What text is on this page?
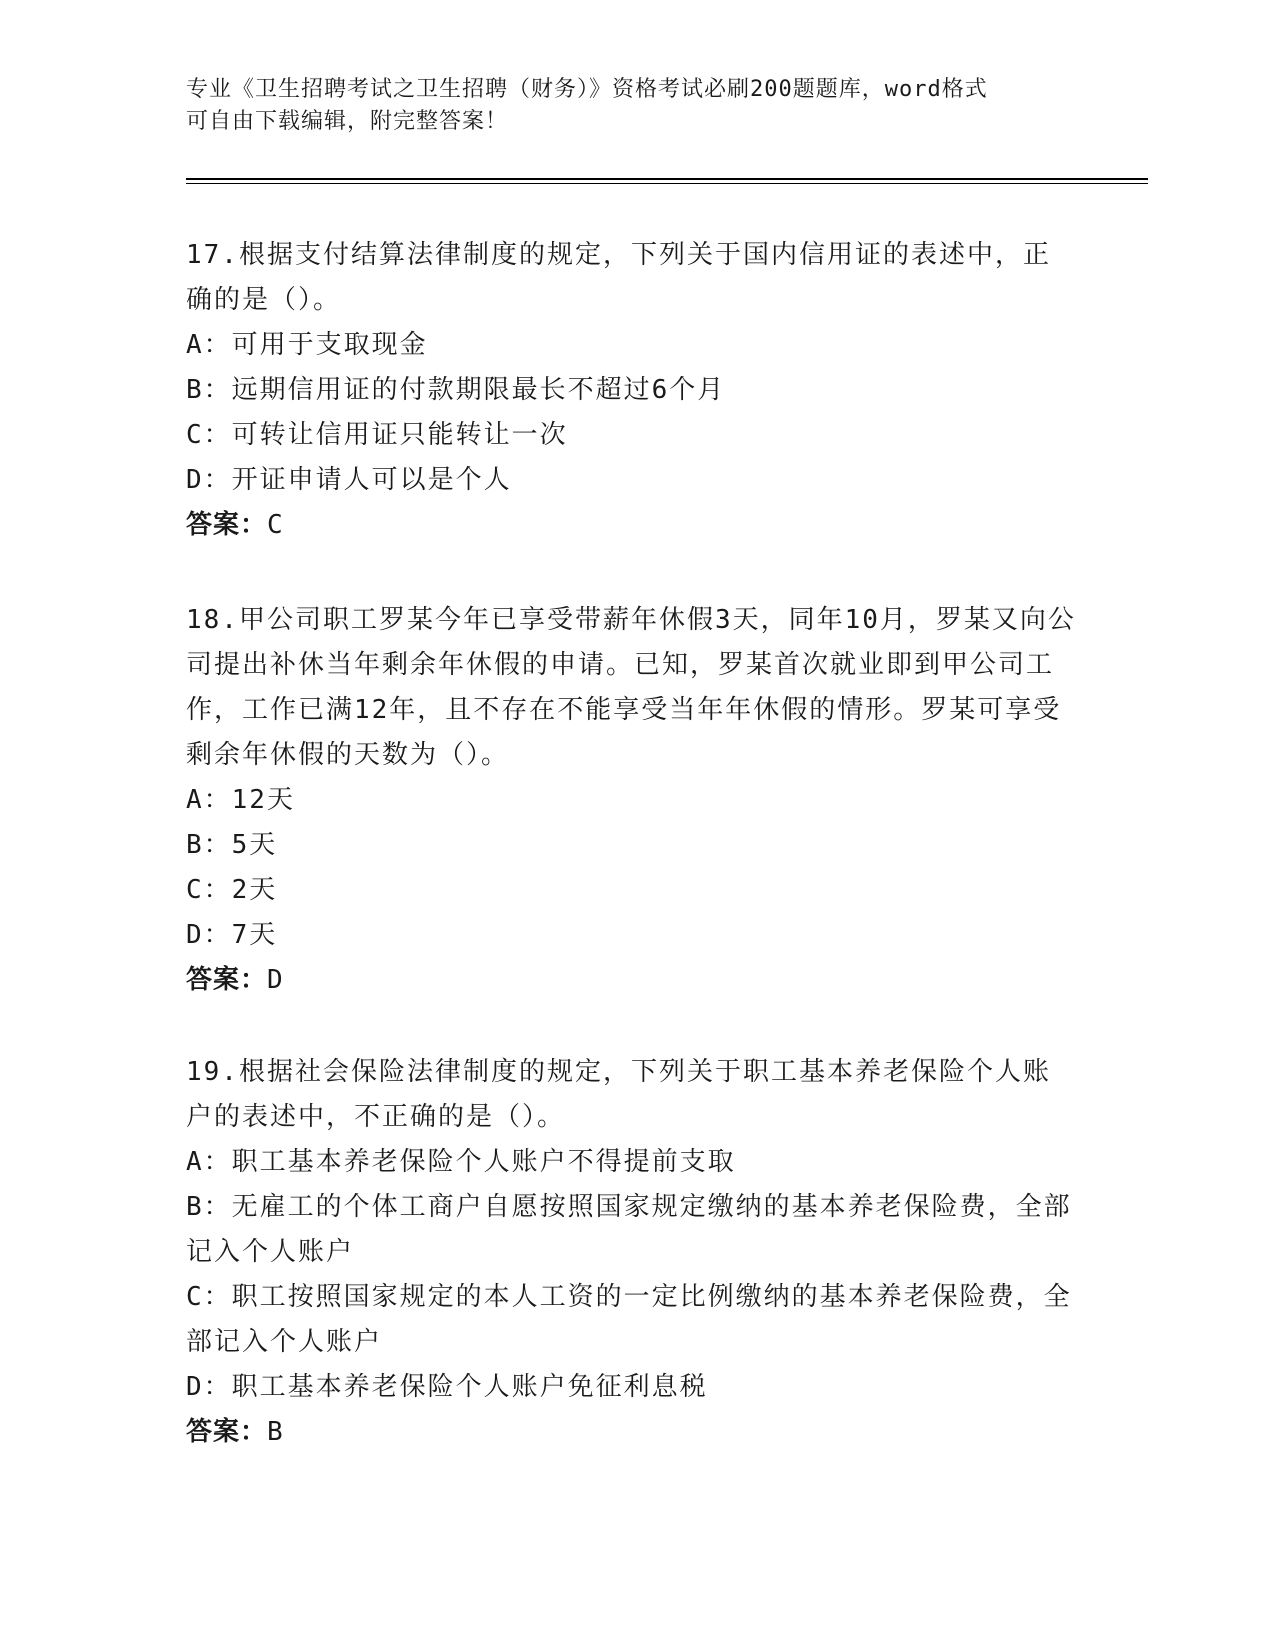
专业《卫生招聘考试之卫生招聘（财务）》资格考试必刷200题题库，word格式
可自由下载编辑，附完整答案！

17.根据支付结算法律制度的规定，下列关于国内信用证的表述中，正确的是（）。

A：可用于支取现金

B：远期信用证的付款期限最长不超过6个月

C：可转让信用证只能转让一次

D：开证申请人可以是个人

答案：C

18.甲公司职工罗某今年已享受带薪年休假3天，同年10月，罗某又向公司提出补休当年剩余年休假的申请。已知，罗某首次就业即到甲公司工作，工作已满12年，且不存在不能享受当年年休假的情形。罗某可享受剩余年休假的天数为（）。

A：12天

B：5天

C：2天

D：7天

答案：D

19.根据社会保险法律制度的规定，下列关于职工基本养老保险个人账户的表述中，不正确的是（）。

A：职工基本养老保险个人账户不得提前支取

B：无雇工的个体工商户自愿按照国家规定缴纳的基本养老保险费，全部记入个人账户

C：职工按照国家规定的本人工资的一定比例缴纳的基本养老保险费，全部记入个人账户

D：职工基本养老保险个人账户免征利息税

答案：B
